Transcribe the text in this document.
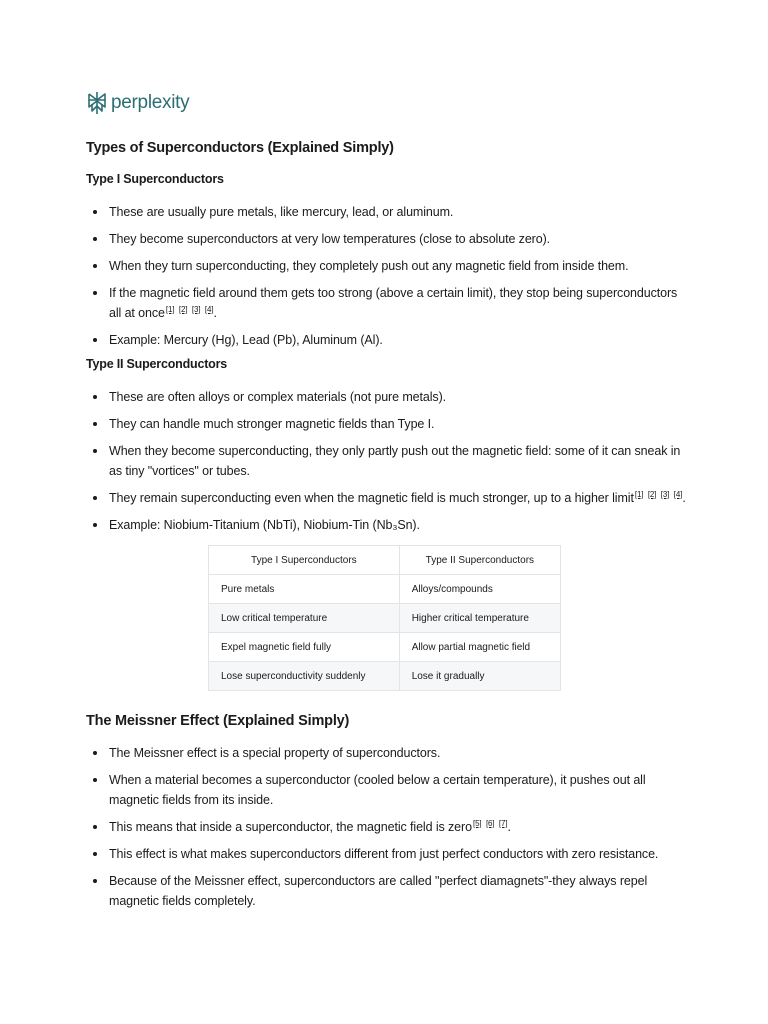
perplexity
Types of Superconductors (Explained Simply)
Type I Superconductors
These are usually pure metals, like mercury, lead, or aluminum.
They become superconductors at very low temperatures (close to absolute zero).
When they turn superconducting, they completely push out any magnetic field from inside them.
If the magnetic field around them gets too strong (above a certain limit), they stop being superconductors all at once[1] [2] [3] [4].
Example: Mercury (Hg), Lead (Pb), Aluminum (Al).
Type II Superconductors
These are often alloys or complex materials (not pure metals).
They can handle much stronger magnetic fields than Type I.
When they become superconducting, they only partly push out the magnetic field: some of it can sneak in as tiny "vortices" or tubes.
They remain superconducting even when the magnetic field is much stronger, up to a higher limit[1] [2] [3] [4].
Example: Niobium-Titanium (NbTi), Niobium-Tin (Nb₃Sn).
Type I Superconductors	Type II Superconductors
Pure metals	Alloys/compounds
Low critical temperature	Higher critical temperature
Expel magnetic field fully	Allow partial magnetic field
Lose superconductivity suddenly	Lose it gradually
The Meissner Effect (Explained Simply)
The Meissner effect is a special property of superconductors.
When a material becomes a superconductor (cooled below a certain temperature), it pushes out all magnetic fields from its inside.
This means that inside a superconductor, the magnetic field is zero[5] [6] [7].
This effect is what makes superconductors different from just perfect conductors with zero resistance.
Because of the Meissner effect, superconductors are called "perfect diamagnets"-they always repel magnetic fields completely.
